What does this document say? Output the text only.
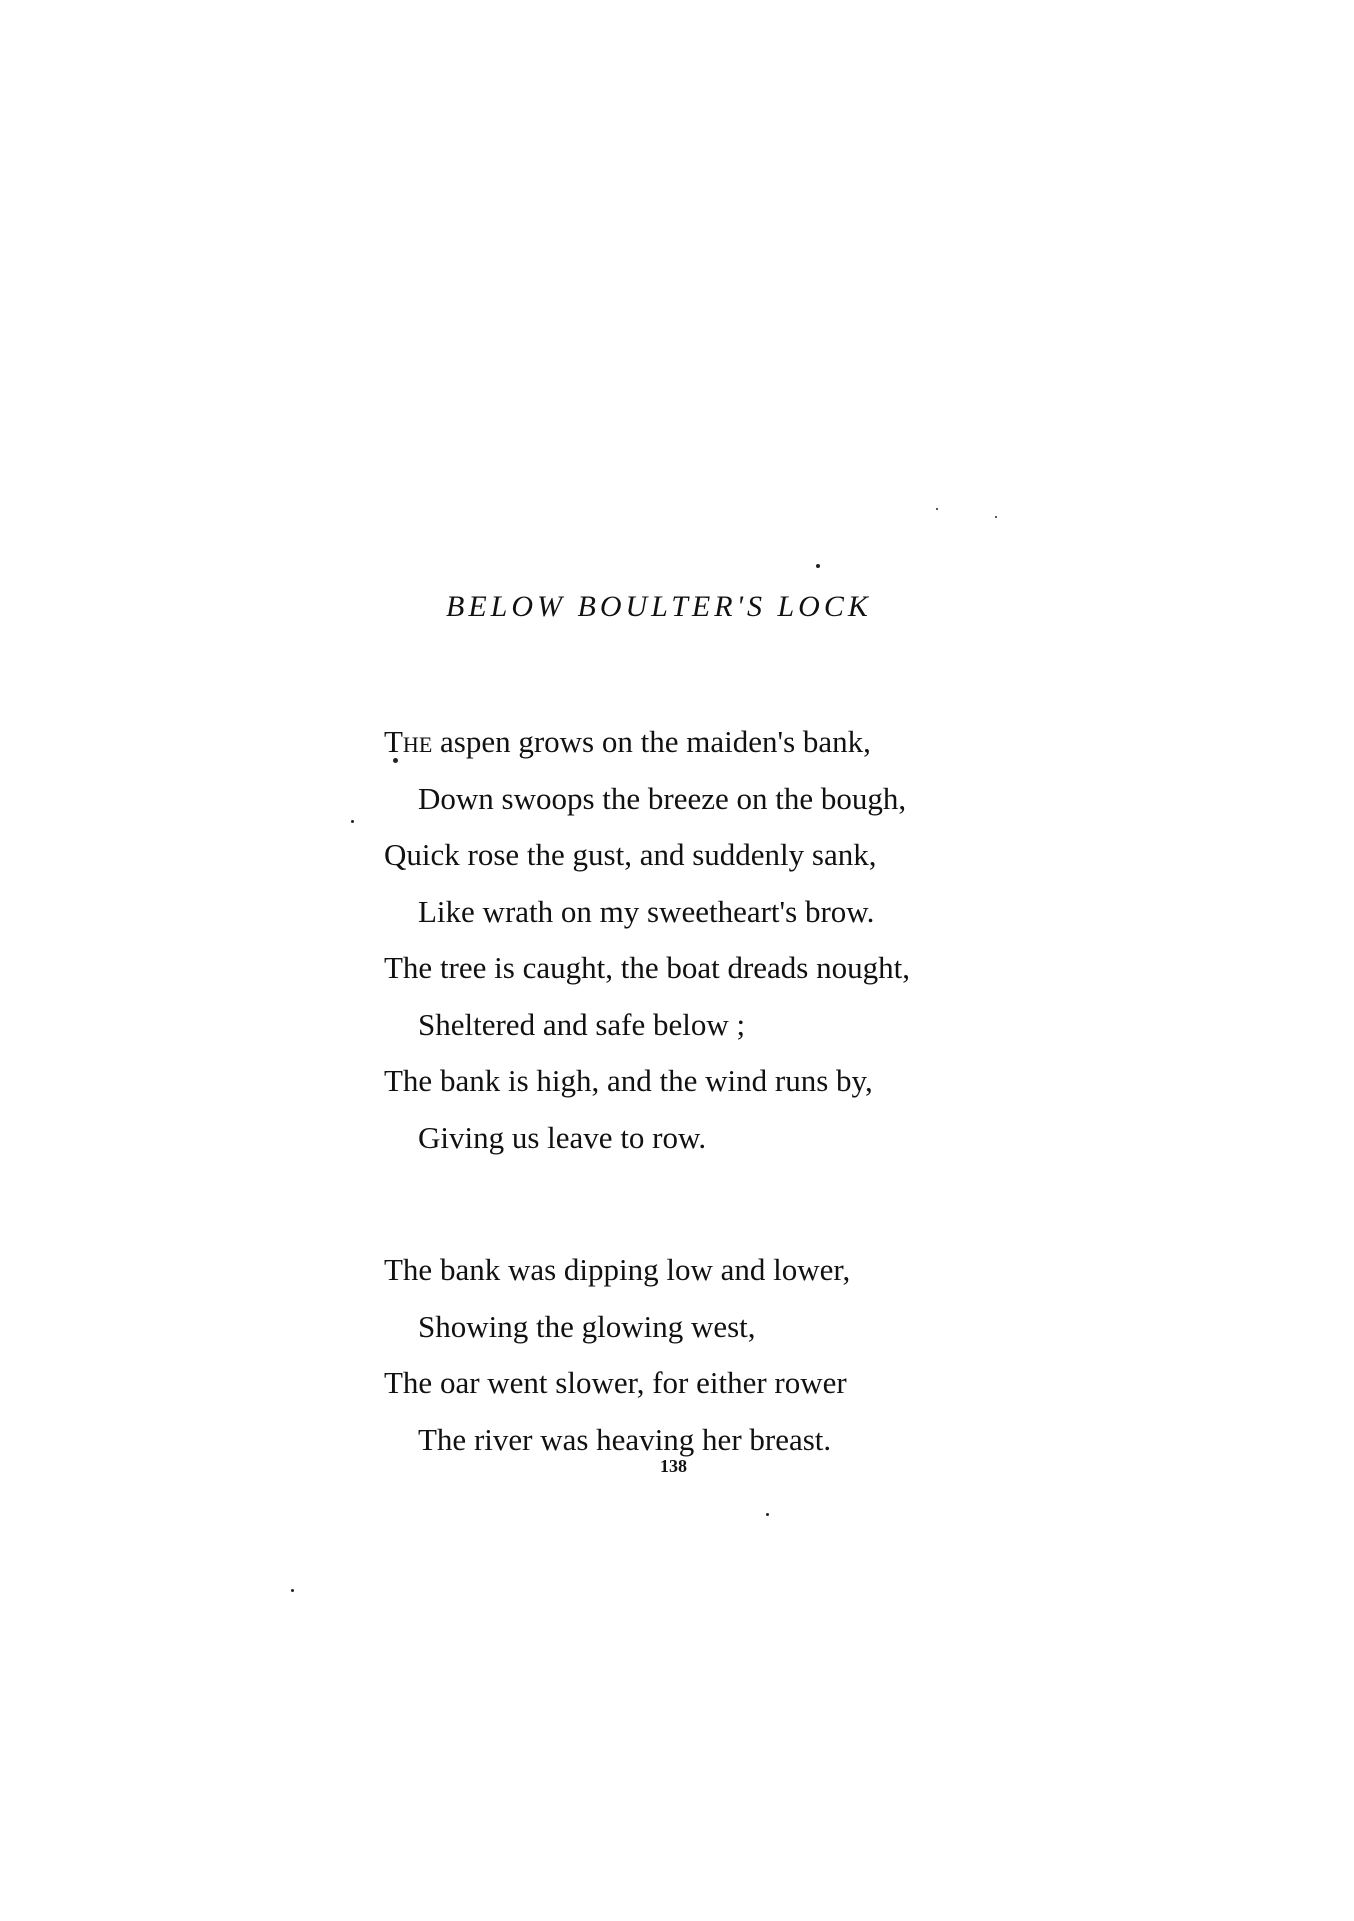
BELOW BOULTER'S LOCK
The aspen grows on the maiden's bank,
Down swoops the breeze on the bough,
Quick rose the gust, and suddenly sank,
Like wrath on my sweetheart's brow.
The tree is caught, the boat dreads nought,
Sheltered and safe below ;
The bank is high, and the wind runs by,
Giving us leave to row.
The bank was dipping low and lower,
Showing the glowing west,
The oar went slower, for either rower
The river was heaving her breast.
138
